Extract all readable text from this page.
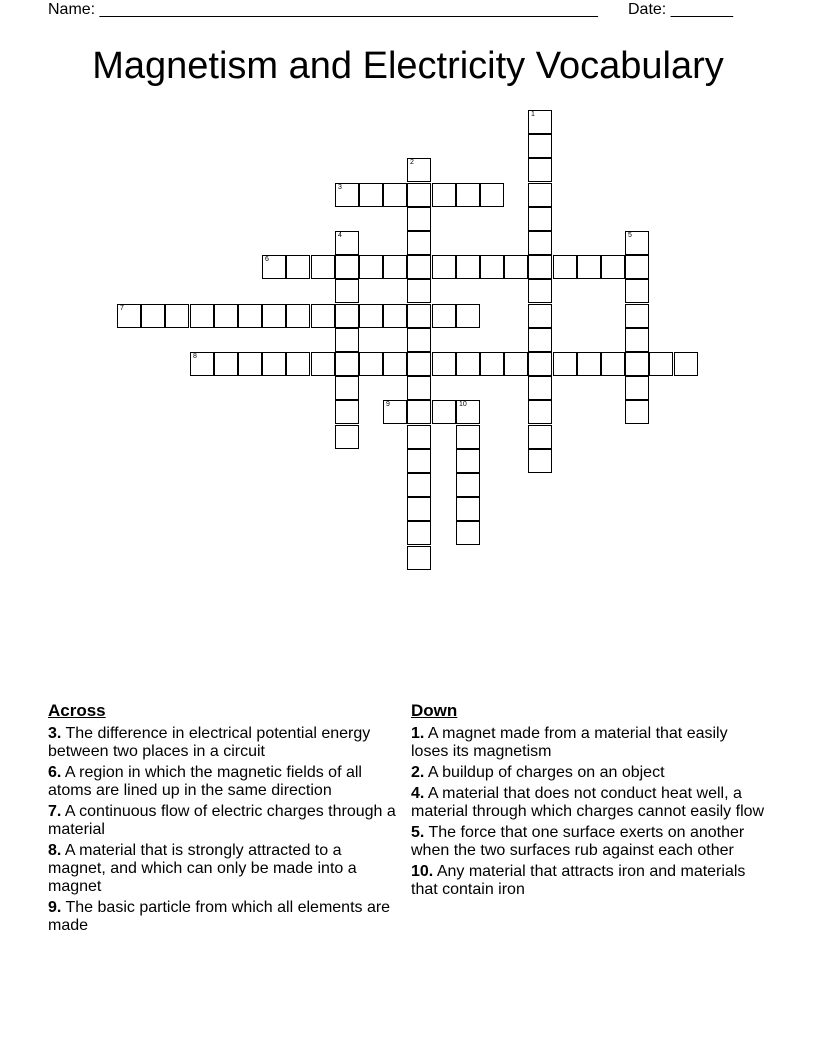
Name: ________________________________________________________ Date: _______
Magnetism and Electricity Vocabulary
1
2
3
4	5
6
7
8
9	10
Across
3. The difference in electrical potential energy between two places in a circuit
6. A region in which the magnetic fields of all atoms are lined up in the same direction
7. A continuous flow of electric charges through a material
8. A material that is strongly attracted to a magnet, and which can only be made into a magnet
9. The basic particle from which all elements are made
Down
1. A magnet made from a material that easily loses its magnetism
2. A buildup of charges on an object
4. A material that does not conduct heat well, a material through which charges cannot easily flow
5. The force that one surface exerts on another when the two surfaces rub against each other
10. Any material that attracts iron and materials that contain iron
